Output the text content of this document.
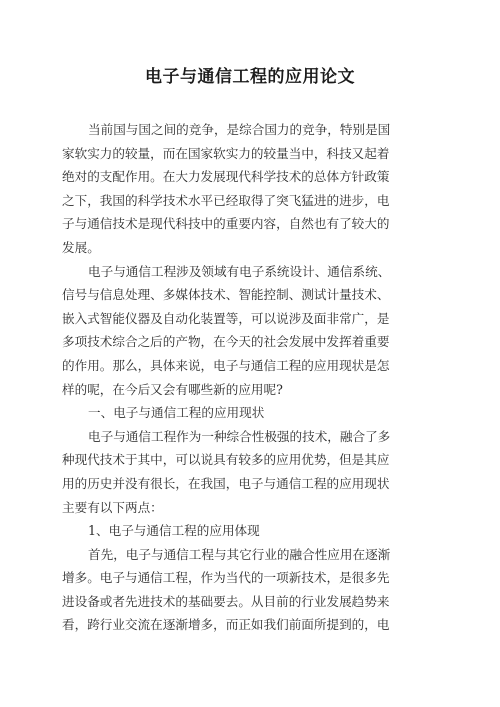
电子与通信工程的应用论文
当前国与国之间的竞争，是综合国力的竞争，特别是国
家软实力的较量，而在国家软实力的较量当中，科技又起着
绝对的支配作用。在大力发展现代科学技术的总体方针政策
之下，我国的科学技术水平已经取得了突飞猛进的进步，电
子与通信技术是现代科技中的重要内容，自然也有了较大的
发展。
电子与通信工程涉及领域有电子系统设计、通信系统、
信号与信息处理、多媒体技术、智能控制、测试计量技术、
嵌入式智能仪器及自动化装置等，可以说涉及面非常广，是
多项技术综合之后的产物，在今天的社会发展中发挥着重要
的作用。那么，具体来说，电子与通信工程的应用现状是怎
样的呢，在今后又会有哪些新的应用呢?
一、电子与通信工程的应用现状
电子与通信工程作为一种综合性极强的技术，融合了多
种现代技术于其中，可以说具有较多的应用优势，但是其应
用的历史并没有很长，在我国，电子与通信工程的应用现状
主要有以下两点：
1、电子与通信工程的应用体现
首先，电子与通信工程与其它行业的融合性应用在逐渐
增多。电子与通信工程，作为当代的一项新技术，是很多先
进设备或者先进技术的基础要去。从目前的行业发展趋势来
看，跨行业交流在逐渐增多，而正如我们前面所提到的，电
